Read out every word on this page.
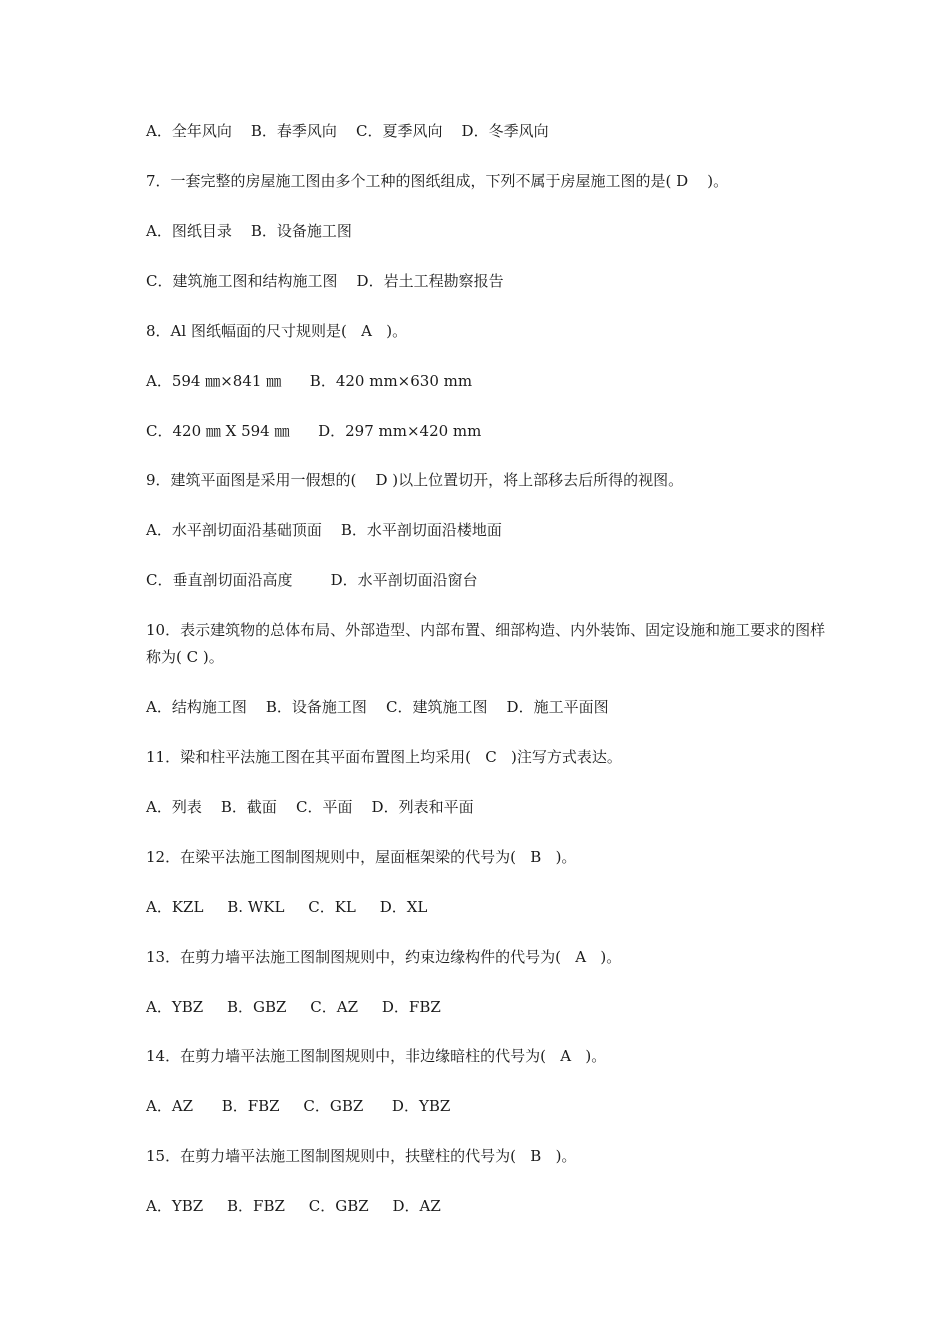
A．全年风向    B．春季风向    C．夏季风向    D．冬季风向
7．一套完整的房屋施工图由多个工种的图纸组成，下列不属于房屋施工图的是( D    )。
A．图纸目录    B．设备施工图
C．建筑施工图和结构施工图    D．岩土工程勘察报告
8．Al 图纸幅面的尺寸规则是(   A   )。
A．594 ㎜×841 ㎜      B．420 mm×630 mm
C．420 ㎜ X 594 ㎜      D．297 mm×420 mm
9．建筑平面图是采用一假想的(    D )以上位置切开，将上部移去后所得的视图。
A．水平剖切面沿基础顶面    B．水平剖切面沿楼地面
C．垂直剖切面沿高度        D．水平剖切面沿窗台
10．表示建筑物的总体布局、外部造型、内部布置、细部构造、内外装饰、固定设施和施工要求的图样称为( C )。
A．结构施工图    B．设备施工图    C．建筑施工图    D．施工平面图
11．梁和柱平法施工图在其平面布置图上均采用(   C   )注写方式表达。
A．列表    B．截面    C．平面    D．列表和平面
12．在梁平法施工图制图规则中，屋面框架梁的代号为(   B   )。
A．KZL     B. WKL     C．KL     D．XL
13．在剪力墙平法施工图制图规则中，约束边缘构件的代号为(   A   )。
A．YBZ     B．GBZ     C．AZ     D．FBZ
14．在剪力墙平法施工图制图规则中，非边缘暗柱的代号为(   A   )。
A．AZ      B．FBZ     C．GBZ      D．YBZ
15．在剪力墙平法施工图制图规则中，扶壁柱的代号为(   B   )。
A．YBZ     B．FBZ     C．GBZ     D．AZ
